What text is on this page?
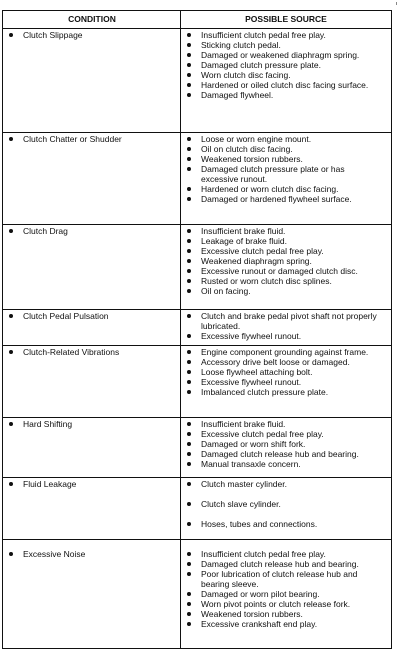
CONDITION	POSSIBLE SOURCE
Clutch Slippage	Insufficient clutch pedal free play.
Sticking clutch pedal.
Damaged or weakened diaphragm spring.
Damaged clutch pressure plate.
Worn clutch disc facing.
Hardened or oiled clutch disc facing surface.
Damaged flywheel.
Clutch Chatter or Shudder	Loose or worn engine mount.
Oil on clutch disc facing.
Weakened torsion rubbers.
Damaged clutch pressure plate or has excessive runout.
Hardened or worn clutch disc facing.
Damaged or hardened flywheel surface.
Clutch Drag	Insufficient brake fluid.
Leakage of brake fluid.
Excessive clutch pedal free play.
Weakened diaphragm spring.
Excessive runout or damaged clutch disc.
Rusted or worn clutch disc splines.
Oil on facing.
Clutch Pedal Pulsation	Clutch and brake pedal pivot shaft not properly lubricated.
Excessive flywheel runout.
Clutch-Related Vibrations	Engine component grounding against frame.
Accessory drive belt loose or damaged.
Loose flywheel attaching bolt.
Excessive flywheel runout.
Imbalanced clutch pressure plate.
Hard Shifting	Insufficient brake fluid.
Excessive clutch pedal free play.
Damaged or worn shift fork.
Damaged clutch release hub and bearing.
Manual transaxle concern.
Fluid Leakage	Clutch master cylinder.
Clutch slave cylinder.
Hoses, tubes and connections.
Excessive Noise	Insufficient clutch pedal free play.
Damaged clutch release hub and bearing.
Poor lubrication of clutch release hub and bearing sleeve.
Damaged or worn pilot bearing.
Worn pivot points or clutch release fork.
Weakened torsion rubbers.
Excessive crankshaft end play.
